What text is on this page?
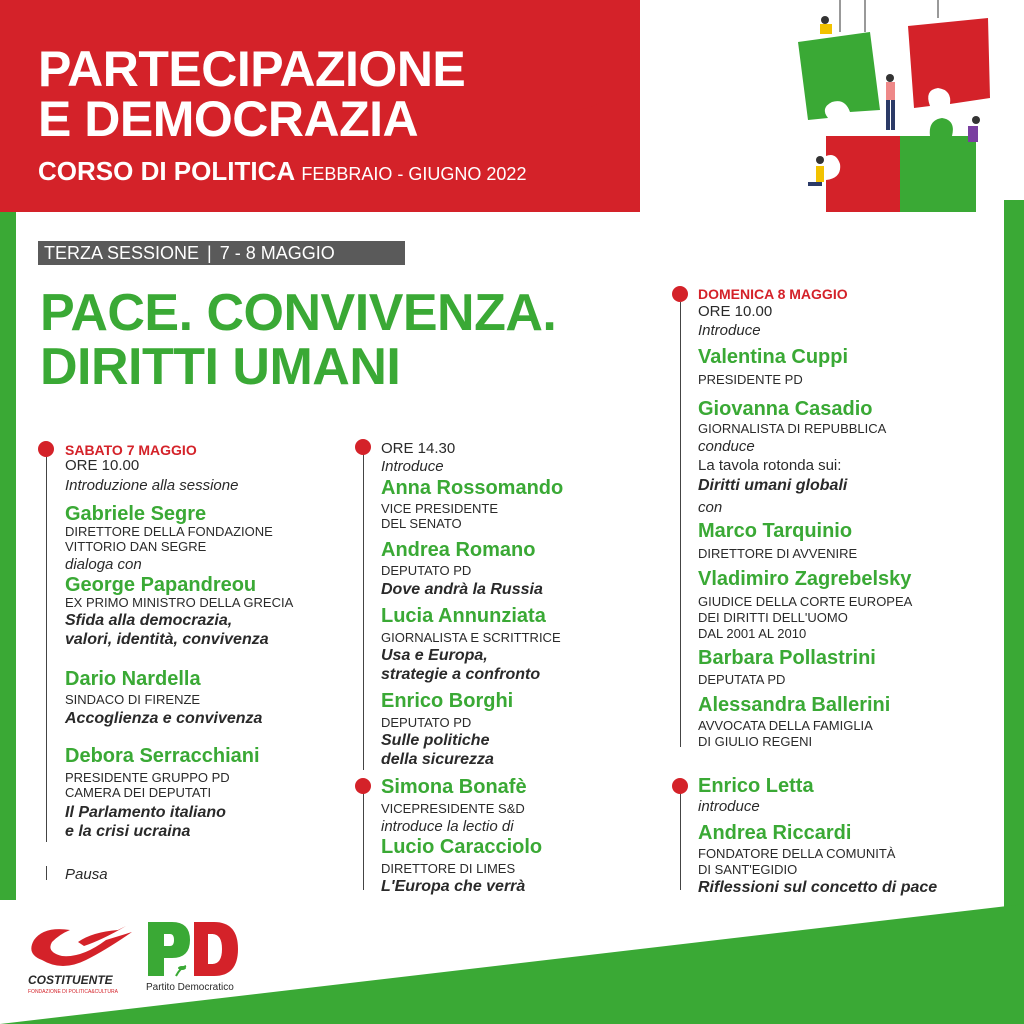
PARTECIPAZIONE
E DEMOCRAZIA
CORSO DI POLITICA FEBBRAIO - GIUGNO 2022
TERZA SESSIONE | 7 - 8 MAGGIO
PACE. CONVIVENZA.
DIRITTI UMANI
SABATO 7 MAGGIO
ORE 10.00
Introduzione alla sessione
Gabriele Segre
DIRETTORE DELLA FONDAZIONE
VITTORIO DAN SEGRE
dialoga con
George Papandreou
EX PRIMO MINISTRO DELLA GRECIA
Sfida alla democrazia,
valori, identità, convivenza
Dario Nardella
SINDACO DI FIRENZE
Accoglienza e convivenza
Debora Serracchiani
PRESIDENTE GRUPPO PD
CAMERA DEI DEPUTATI
Il Parlamento italiano
e la crisi ucraina
Pausa
ORE 14.30
Introduce
Anna Rossomando
VICE PRESIDENTE
DEL SENATO
Andrea Romano
DEPUTATO PD
Dove andrà la Russia
Lucia Annunziata
GIORNALISTA E SCRITTRICE
Usa e Europa,
strategie a confronto
Enrico Borghi
DEPUTATO PD
Sulle politiche
della sicurezza
Simona Bonafè
VICEPRESIDENTE S&D
introduce la lectio di
Lucio Caracciolo
DIRETTORE DI LIMES
L'Europa che verrà
DOMENICA 8 MAGGIO
ORE 10.00
Introduce
Valentina Cuppi
PRESIDENTE PD
Giovanna Casadio
GIORNALISTA DI REPUBBLICA
conduce
La tavola rotonda sui:
Diritti umani globali
con
Marco Tarquinio
DIRETTORE DI AVVENIRE
Vladimiro Zagrebelsky
GIUDICE DELLA CORTE EUROPEA
DEI DIRITTI DELL'UOMO
DAL 2001 AL 2010
Barbara Pollastrini
DEPUTATA PD
Alessandra Ballerini
AVVOCATA DELLA FAMIGLIA
DI GIULIO REGENI
Enrico Letta
introduce
Andrea Riccardi
FONDATORE DELLA COMUNITÀ
DI SANT'EGIDIO
Riflessioni sul concetto di pace
COSTITUENTE
FONDAZIONE DI POLITICA&CULTURA	Partito Democratico
